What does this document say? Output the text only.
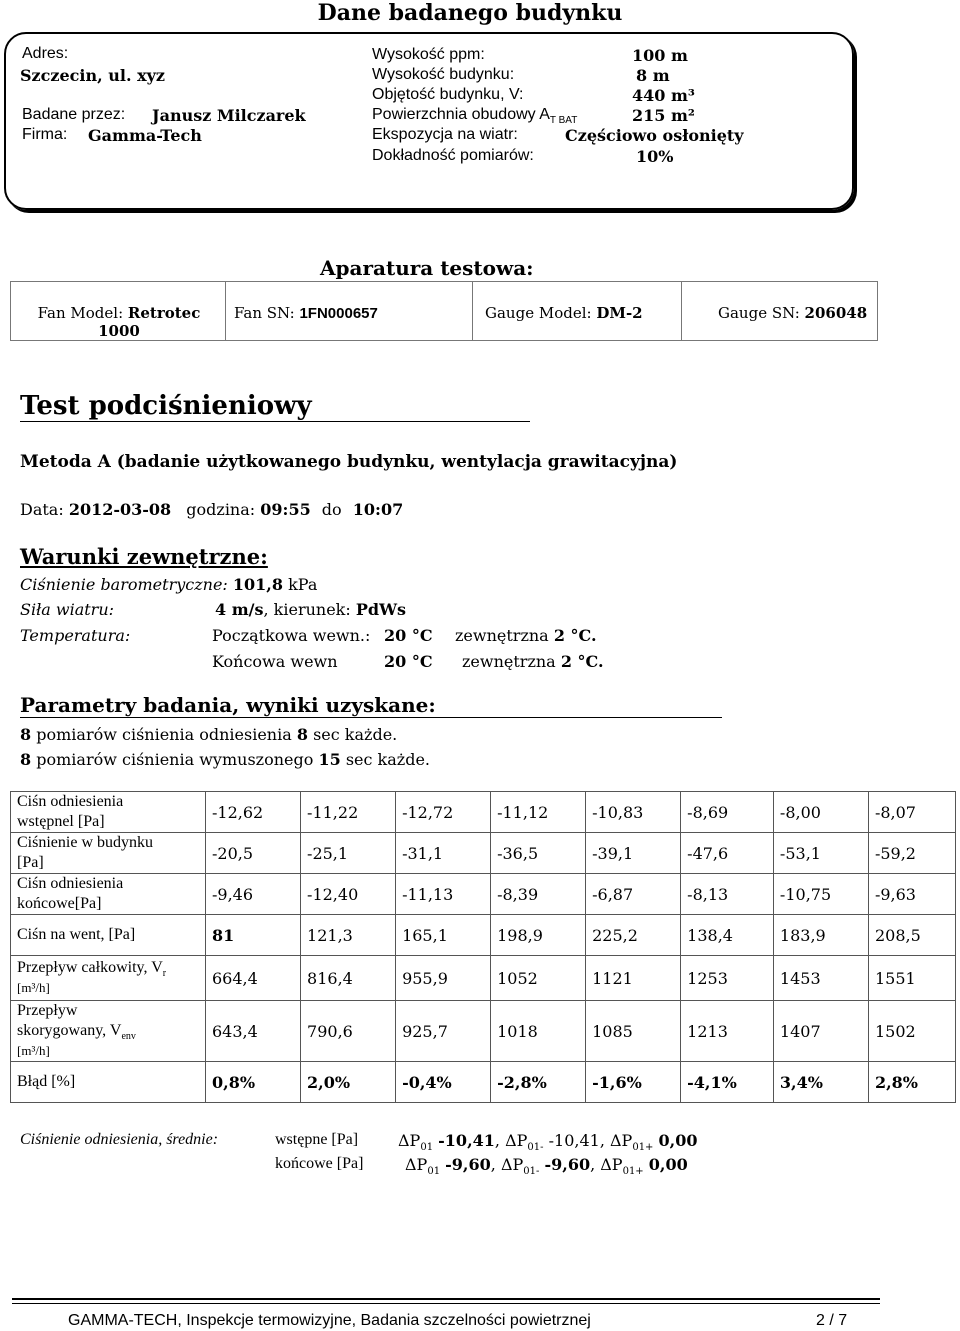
Dane badanego budynku
Adres:
Szczecin, ul. xyz
Badane przez: Janusz Milczarek
Firma: Gamma-Tech
Wysokość ppm:	100 m
Wysokość budynku:	8 m
Objętość budynku, V:	440 m³
Powierzchnia obudowy $A_{T BAT}$	215 m²
Ekspozycja na wiatr:	Częściowo osłonięty
Dokładność pomiarów:	10%
Aparatura testowa:
Fan Model: Retrotec
1000	Fan SN: 1FN000657	Gauge Model: DM-2	Gauge SN: 206048
Test podciśnieniowy
Metoda A (badanie użytkowanego budynku, wentylacja grawitacyjna)
Data: 2012-03-08 godzina: 09:55 do 10:07
Warunki zewnętrzne:
Ciśnienie barometryczne: 101,8 kPa
Siła wiatru:	4 m/s, kierunek: PdWs
Temperatura:	Początkowa wewn.: 20 °C zewnętrzna 2 °C.
Końcowa wewn	20 °C zewnętrzna 2 °C.
Parametry badania, wyniki uzyskane:
8 pomiarów ciśnienia odniesienia 8 sec każde.
8 pomiarów ciśnienia wymuszonego 15 sec każde.
Ciśn odniesienia
wstępnel [Pa]	-12,62	-11,22	-12,72	-11,12	-10,83	-8,69	-8,00	-8,07
Ciśnienie w budynku
[Pa]	-20,5	-25,1	-31,1	-36,5	-39,1	-47,6	-53,1	-59,2
Ciśn odniesienia
końcowe[Pa]	-9,46	-12,40	-11,13	-8,39	-6,87	-8,13	-10,75	-9,63
Ciśn na went, [Pa]	81	121,3	165,1	198,9	225,2	138,4	183,9	208,5
Przepływ całkowity, $V_r$
[m³/h]	664,4	816,4	955,9	1052	1121	1253	1453	1551
Przepływ
skorygowany, $V_{env}$
[m³/h]	643,4	790,6	925,7	1018	1085	1213	1407	1502
Błąd [%]	0,8%	2,0%	-0,4%	-2,8%	-1,6%	-4,1%	3,4%	2,8%
Ciśnienie odniesienia, średnie:	wstępne [Pa] $\Delta P_{01}$ -10,41, $\Delta P_{01-}$ -10,41, $\Delta P_{01+}$ 0,00
końcowe [Pa]	$\Delta P_{01}$ -9,60, $\Delta P_{01-}$ -9,60, $\Delta P_{01+}$ 0,00
GAMMA-TECH, Inspekcje termowizyjne, Badania szczelności powietrznej	2 / 7
